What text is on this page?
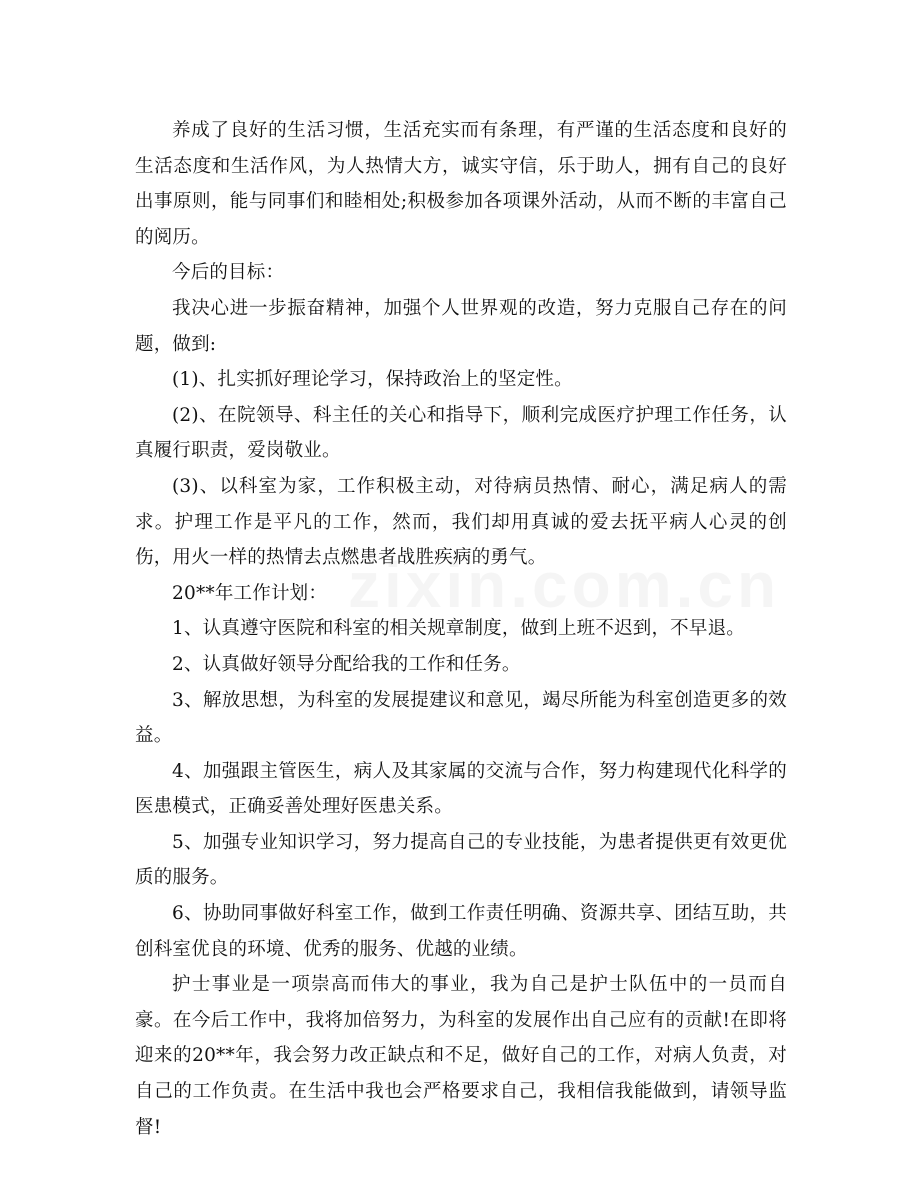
养成了良好的生活习惯，生活充实而有条理，有严谨的生活态度和良好的生活态度和生活作风，为人热情大方，诚实守信，乐于助人，拥有自己的良好出事原则，能与同事们和睦相处;积极参加各项课外活动，从而不断的丰富自己的阅历。

今后的目标：

我决心进一步振奋精神，加强个人世界观的改造，努力克服自己存在的问题，做到:

(1)、扎实抓好理论学习，保持政治上的坚定性。

(2)、在院领导、科主任的关心和指导下，顺利完成医疗护理工作任务，认真履行职责，爱岗敬业。

(3)、以科室为家，工作积极主动，对待病员热情、耐心，满足病人的需求。护理工作是平凡的工作，然而，我们却用真诚的爱去抚平病人心灵的创伤，用火一样的热情去点燃患者战胜疾病的勇气。

20**年工作计划：

1、认真遵守医院和科室的相关规章制度，做到上班不迟到，不早退。

2、认真做好领导分配给我的工作和任务。

3、解放思想，为科室的发展提建议和意见，竭尽所能为科室创造更多的效益。

4、加强跟主管医生，病人及其家属的交流与合作，努力构建现代化科学的医患模式，正确妥善处理好医患关系。

5、加强专业知识学习，努力提高自己的专业技能，为患者提供更有效更优质的服务。

6、协助同事做好科室工作，做到工作责任明确、资源共享、团结互助，共创科室优良的环境、优秀的服务、优越的业绩。

护士事业是一项崇高而伟大的事业，我为自己是护士队伍中的一员而自豪。在今后工作中，我将加倍努力，为科室的发展作出自己应有的贡献!在即将迎来的20**年，我会努力改正缺点和不足，做好自己的工作，对病人负责，对自己的工作负责。在生活中我也会严格要求自己，我相信我能做到，请领导监督!
